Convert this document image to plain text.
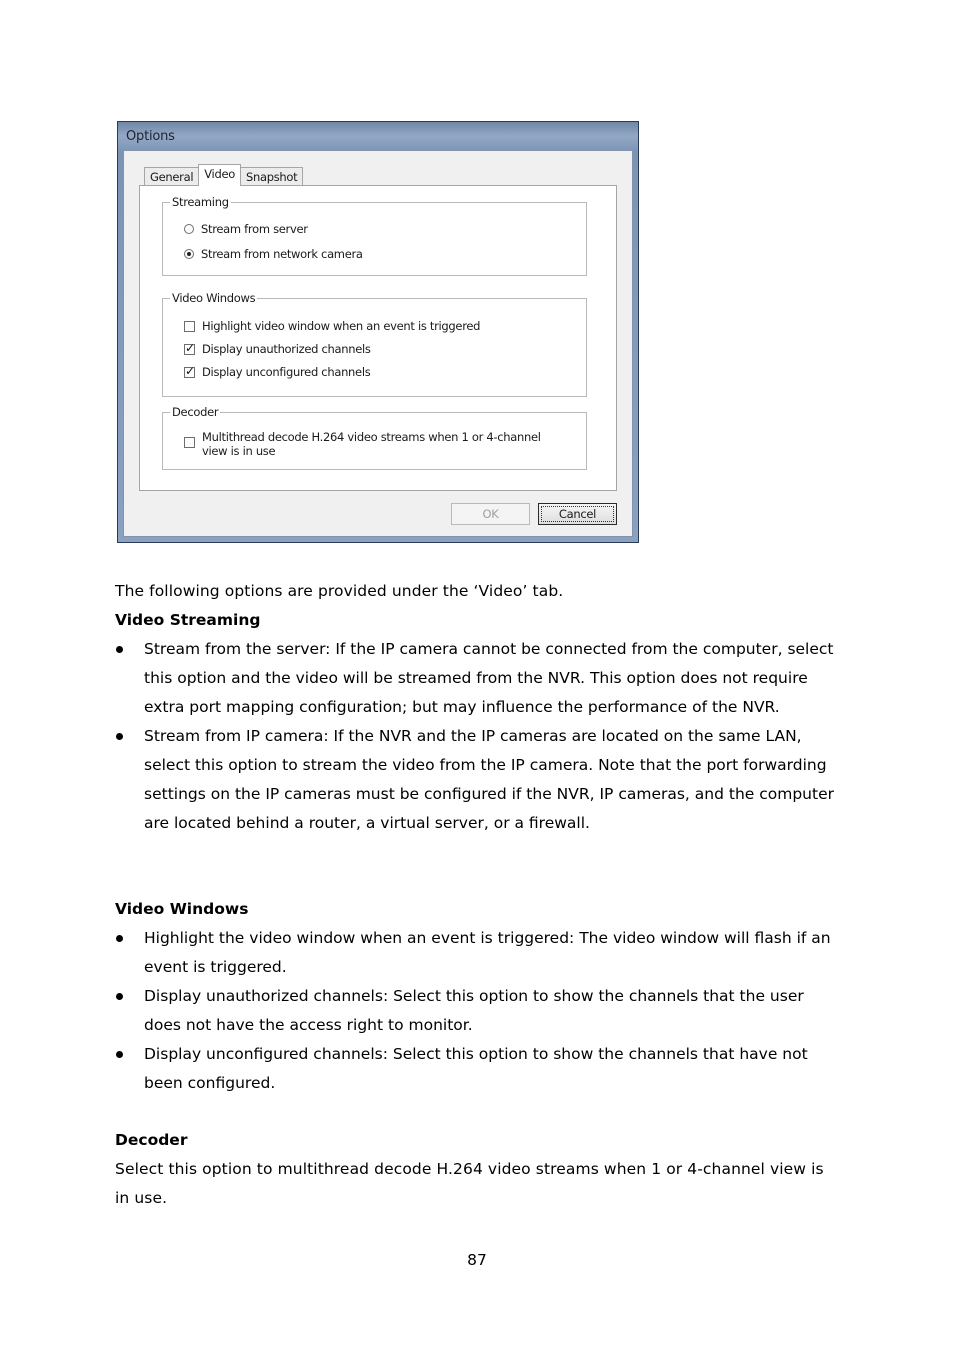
Options
General Video Snapshot
Streaming
Stream from server
Stream from network camera
Video Windows
Highlight video window when an event is triggered
✓
Display unauthorized channels
✓
Display unconfigured channels
Decoder
Multithread decode H.264 video streams when 1 or 4-channel view is in use
OK	Cancel
The following options are provided under the ‘Video’ tab.
Video Streaming
Stream from the server: If the IP camera cannot be connected from the computer, select this option and the video will be streamed from the NVR. This option does not require extra port mapping configuration; but may influence the performance of the NVR.
Stream from IP camera: If the NVR and the IP cameras are located on the same LAN, select this option to stream the video from the IP camera. Note that the port forwarding settings on the IP cameras must be configured if the NVR, IP cameras, and the computer are located behind a router, a virtual server, or a firewall.
Video Windows
Highlight the video window when an event is triggered: The video window will flash if an event is triggered.
Display unauthorized channels: Select this option to show the channels that the user does not have the access right to monitor.
Display unconfigured channels: Select this option to show the channels that have not been configured.
Decoder
Select this option to multithread decode H.264 video streams when 1 or 4-channel view is in use.
87
